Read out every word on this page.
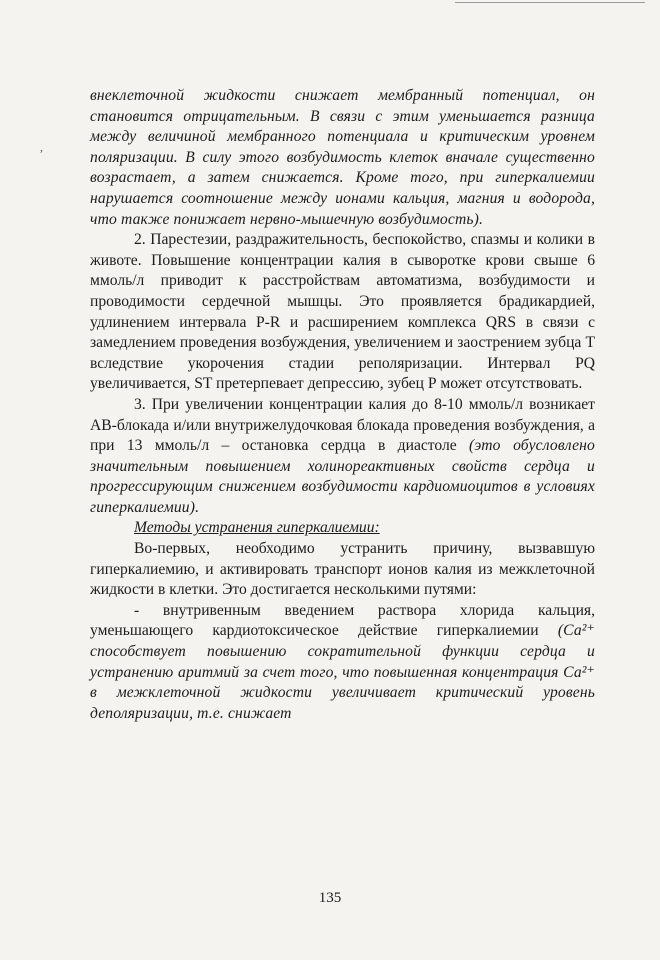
,

внеклеточной жидкости снижает мембранный потенциал, он становится отрицательным. В связи с этим уменьшается разница между величиной мембранного потенциала и критическим уровнем поляризации. В силу этого возбудимость клеток вначале существенно возрастает, а затем снижается. Кроме того, при гиперкалиемии нарушается соотношение между ионами кальция, магния и водорода, что также понижает нервно-мышечную возбудимость).

2. Парестезии, раздражительность, беспокойство, спазмы и колики в животе. Повышение концентрации калия в сыворотке крови свыше 6 ммоль/л приводит к расстройствам автоматизма, возбудимости и проводимости сердечной мышцы. Это проявляется брадикардией, удлинением интервала P-R и расширением комплекса QRS в связи с замедлением проведения возбуждения, увеличением и заострением зубца Т вследствие укорочения стадии реполяризации. Интервал PQ увеличивается, ST претерпевает депрессию, зубец Р может отсутствовать.

3. При увеличении концентрации калия до 8-10 ммоль/л возникает АВ-блокада и/или внутрижелудочковая блокада проведения возбуждения, а при 13 ммоль/л – остановка сердца в диастоле (это обусловлено значительным повышением холинореактивных свойств сердца и прогрессирующим снижением возбудимости кардиомиоцитов в условиях гиперкалиемии).

Методы устранения гиперкалиемии:

Во-первых, необходимо устранить причину, вызвавшую гиперкалиемию, и активировать транспорт ионов калия из межклеточной жидкости в клетки. Это достигается несколькими путями:

- внутривенным введением раствора хлорида кальция, уменьшающего кардиотоксическое действие гиперкалиемии (Са²⁺ способствует повышению сократительной функции сердца и устранению аритмий за счет того, что повышенная концентрация Са²⁺ в межклеточной жидкости увеличивает критический уровень деполяризации, т.е. снижает

135
